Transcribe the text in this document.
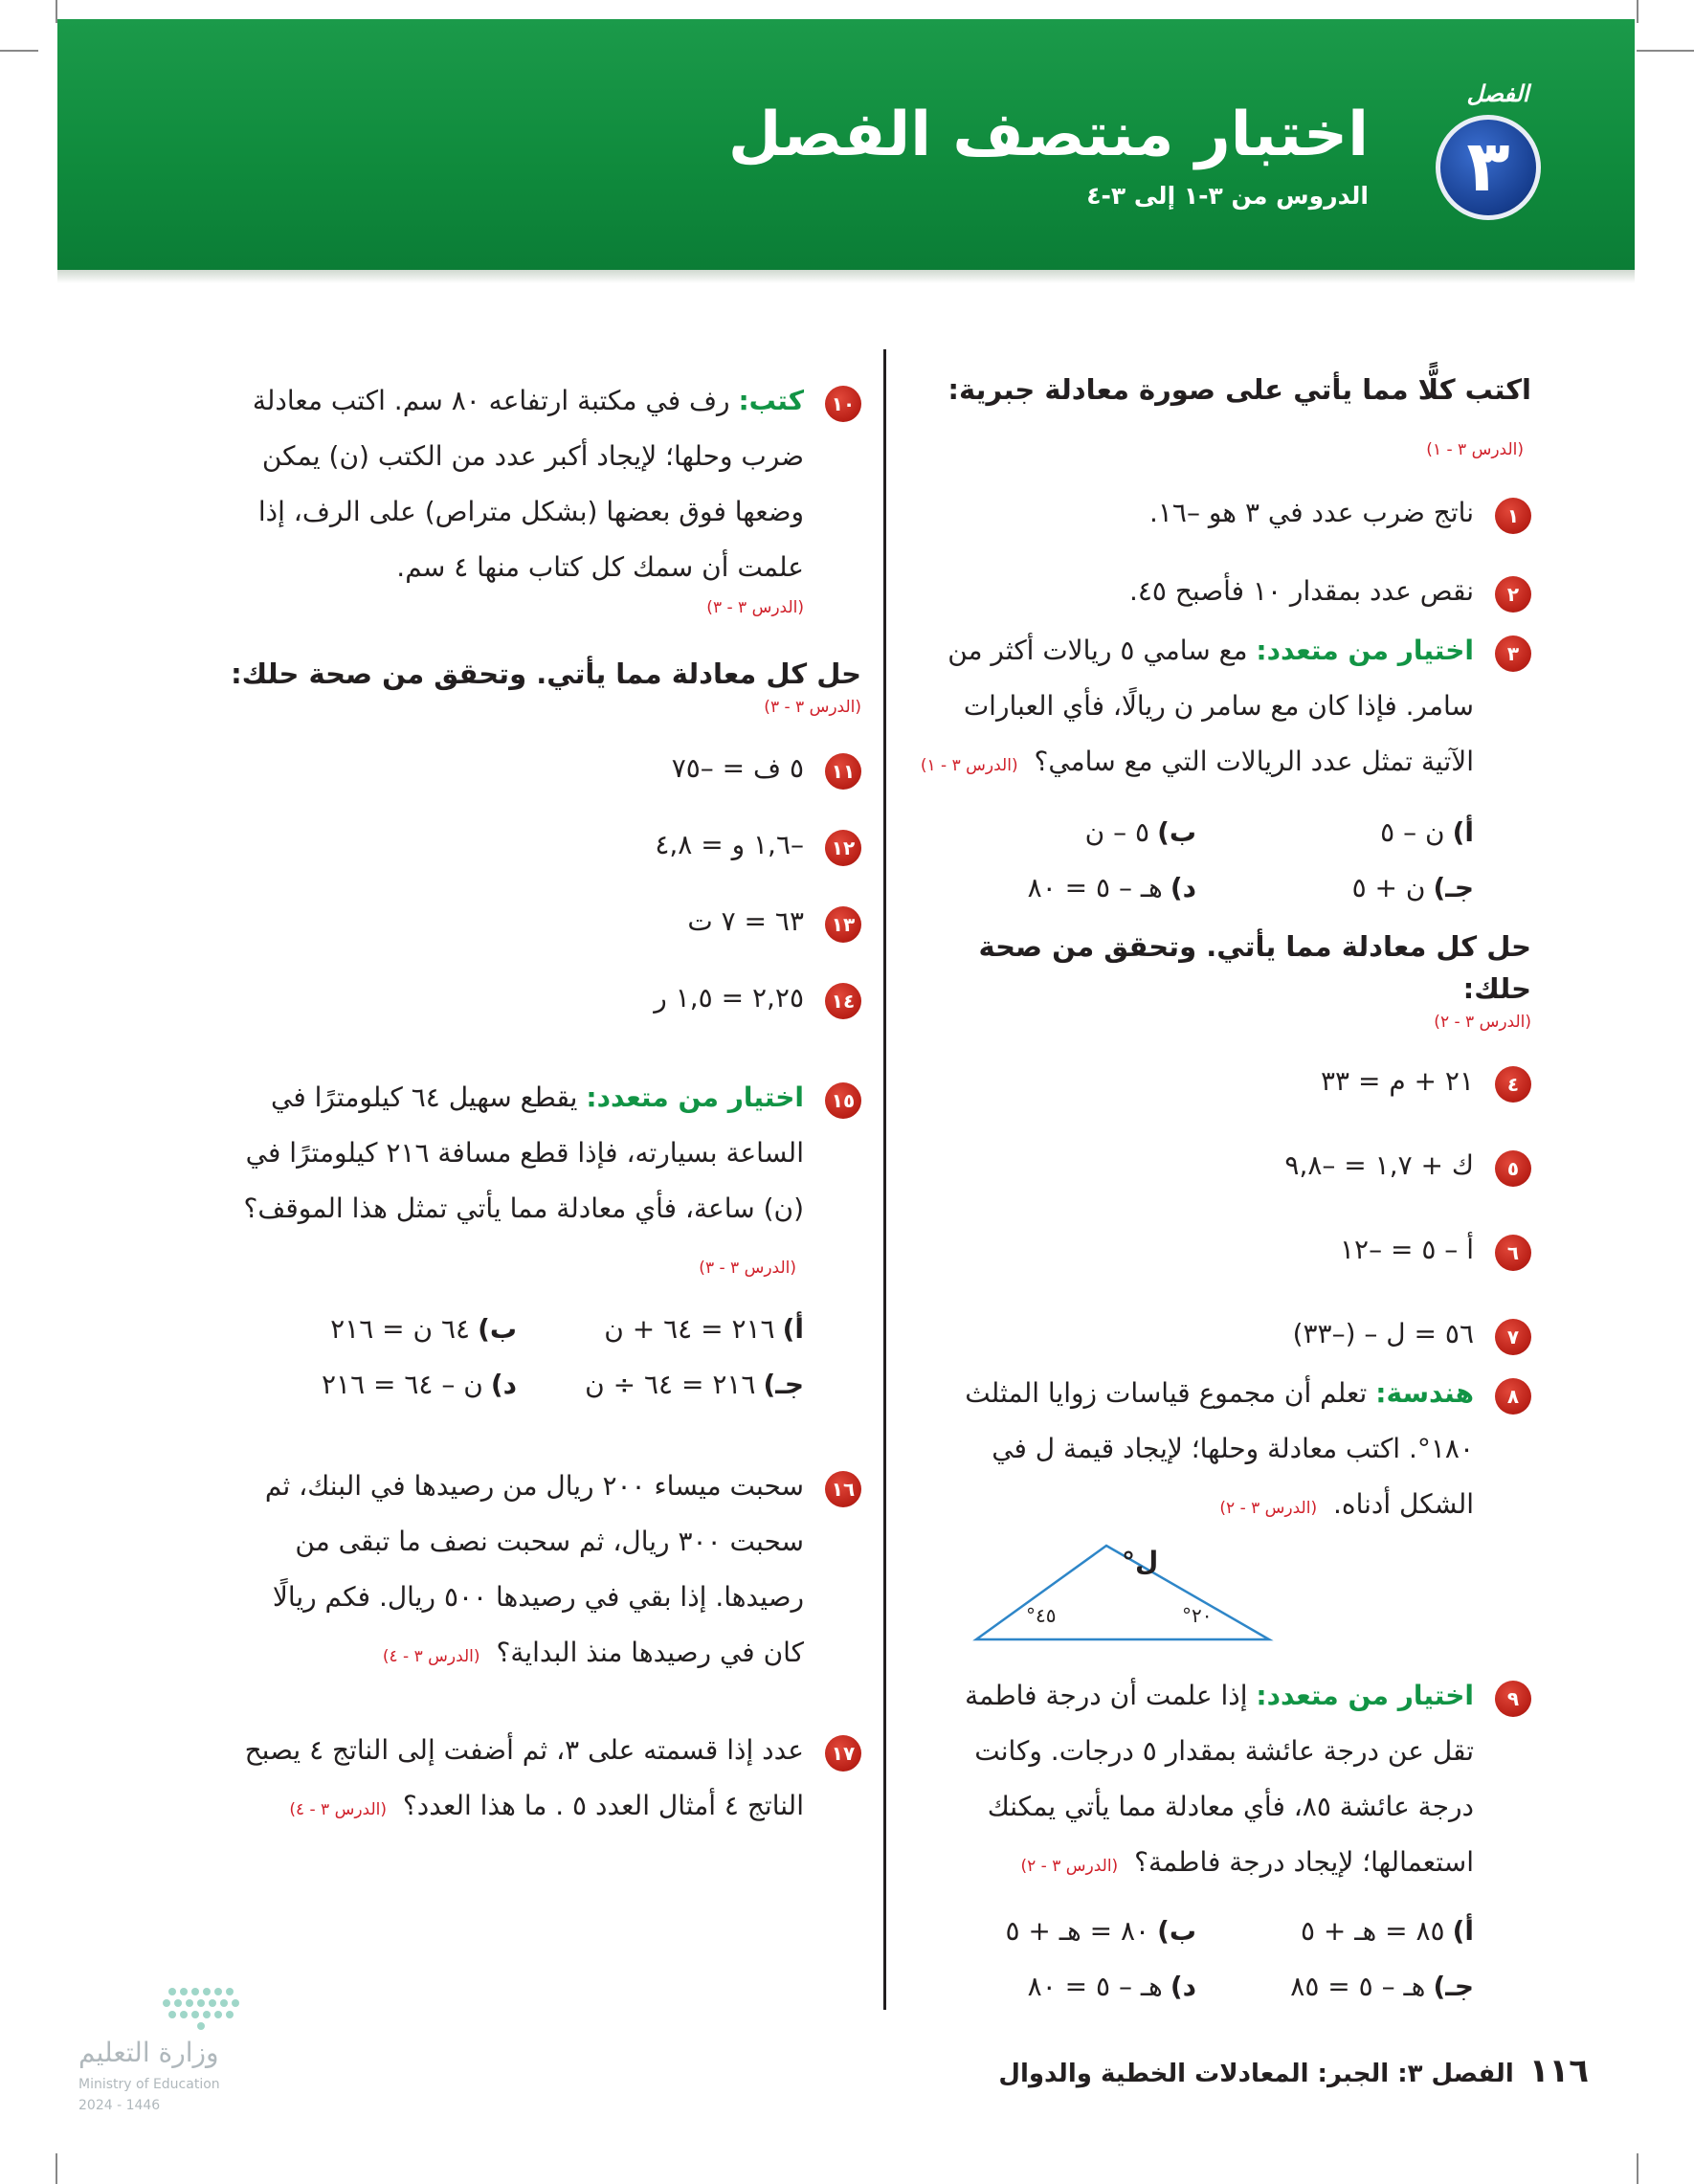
الفصل
٣
اختبار منتصف الفصل
الدروس من ٣-١ إلى ٣-٤
اكتب كلًّا مما يأتي على صورة معادلة جبرية:(الدرس ٣ - ١)
١
ناتج ضرب عدد في ٣ هو –١٦.
٢
نقص عدد بمقدار ١٠ فأصبح ٤٥.
٣
اختيار من متعدد: مع سامي ٥ ريالات أكثر من سامر. فإذا كان مع سامر ن ريالًا، فأي العبارات الآتية تمثل عدد الريالات التي مع سامي؟ (الدرس ٣ - ١)
أ)ن – ٥
ب)٥ – ن
جـ)ن + ٥
د)هـ – ٥ = ٨٠
حل كل معادلة مما يأتي. وتحقق من صحة حلك:
(الدرس ٣ - ٢)
٤
٢١ + م = ٣٣
٥
ك + ١,٧ = –٩,٨
٦
أ – ٥ = –١٢
٧
٥٦ = ل – (–٣٣)
٨
هندسة: تعلم أن مجموع قياسات زوايا المثلث ١٨٠°. اكتب معادلة وحلها؛ لإيجاد قيمة ل في الشكل أدناه. (الدرس ٣ - ٢)
ل°
٤٥°	٢٠°
٩
اختيار من متعدد: إذا علمت أن درجة فاطمة تقل عن درجة عائشة بمقدار ٥ درجات. وكانت درجة عائشة ٨٥، فأي معادلة مما يأتي يمكنك استعمالها؛ لإيجاد درجة فاطمة؟ (الدرس ٣ - ٢)
أ)٨٥ = هـ + ٥
ب)٨٠ = هـ + ٥
جـ)هـ – ٥ = ٨٥
د)هـ – ٥ = ٨٠
١٠
كتب: رف في مكتبة ارتفاعه ٨٠ سم. اكتب معادلة ضرب وحلها؛ لإيجاد أكبر عدد من الكتب (ن) يمكن وضعها فوق بعضها (بشكل متراص) على الرف، إذا علمت أن سمك كل كتاب منها ٤ سم.
(الدرس ٣ - ٣)
حل كل معادلة مما يأتي. وتحقق من صحة حلك:
(الدرس ٣ - ٣)
١١
٥ ف = –٧٥
١٢
–١,٦ و = ٤,٨
١٣
٦٣ = ٧ ت
١٤
٢,٢٥ = ١,٥ ر
١٥
اختيار من متعدد: يقطع سهيل ٦٤ كيلومترًا في الساعة بسيارته، فإذا قطع مسافة ٢١٦ كيلومترًا في (ن) ساعة، فأي معادلة مما يأتي تمثل هذا الموقف؟ (الدرس ٣ - ٣)
أ)٢١٦ = ٦٤ + ن
ب)٦٤ ن = ٢١٦
جـ)٢١٦ = ٦٤ ÷ ن
د)ن – ٦٤ = ٢١٦
١٦
سحبت ميساء ٢٠٠ ريال من رصيدها في البنك، ثم سحبت ٣٠٠ ريال، ثم سحبت نصف ما تبقى من رصيدها. إذا بقي في رصيدها ٥٠٠ ريال. فكم ريالًا كان في رصيدها منذ البداية؟ (الدرس ٣ - ٤)
١٧
عدد إذا قسمته على ٣، ثم أضفت إلى الناتج ٤ يصبح الناتج ٤ أمثال العدد ٥ . ما هذا العدد؟ (الدرس ٣ - ٤)
١١٦الفصل ٣: الجبر: المعادلات الخطية والدوال
وزارة التعليم
Ministry of Education
2024 - 1446
